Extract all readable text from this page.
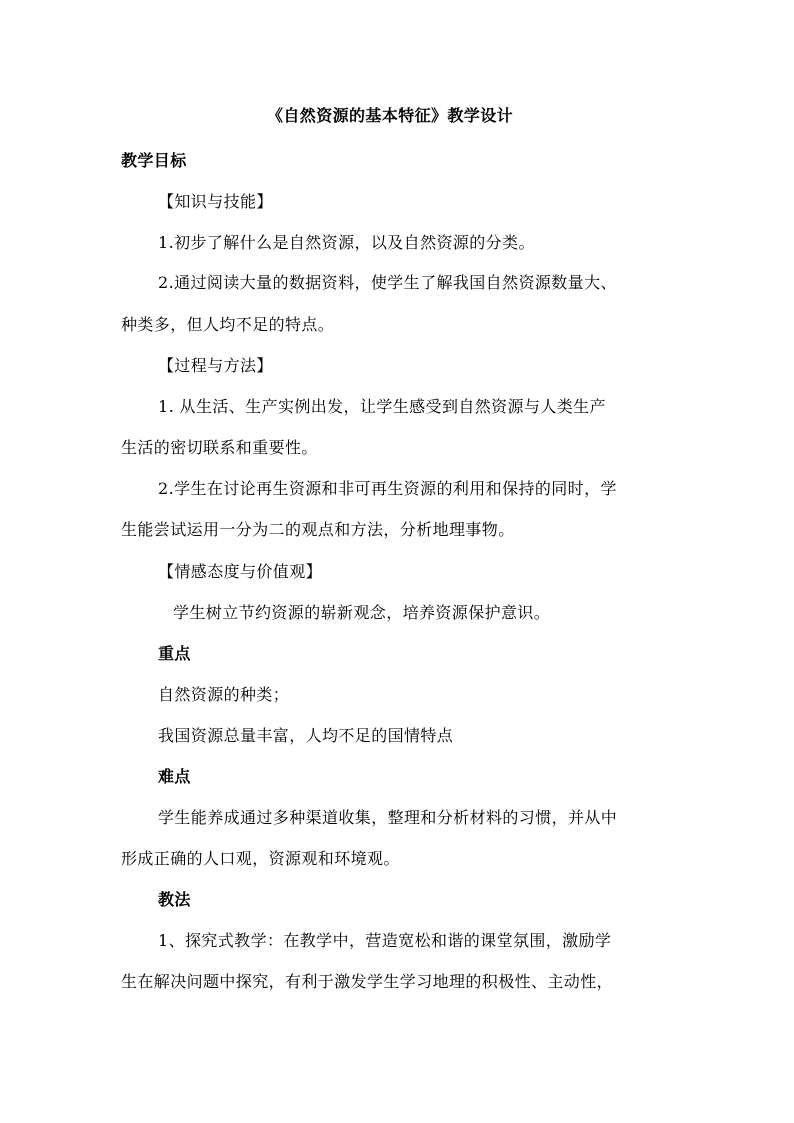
《自然资源的基本特征》教学设计
教学目标
【知识与技能】
1.初步了解什么是自然资源，以及自然资源的分类。
2.通过阅读大量的数据资料，使学生了解我国自然资源数量大、
种类多，但人均不足的特点。
【过程与方法】
1. 从生活、生产实例出发，让学生感受到自然资源与人类生产
生活的密切联系和重要性。
2.学生在讨论再生资源和非可再生资源的利用和保持的同时，学
生能尝试运用一分为二的观点和方法，分析地理事物。
【情感态度与价值观】
学生树立节约资源的崭新观念，培养资源保护意识。
重点
自然资源的种类；
我国资源总量丰富，人均不足的国情特点
难点
学生能养成通过多种渠道收集，整理和分析材料的习惯，并从中
形成正确的人口观，资源观和环境观。
教法
1、探究式教学：在教学中，营造宽松和谐的课堂氛围，激励学
生在解决问题中探究，有利于激发学生学习地理的积极性、主动性，
